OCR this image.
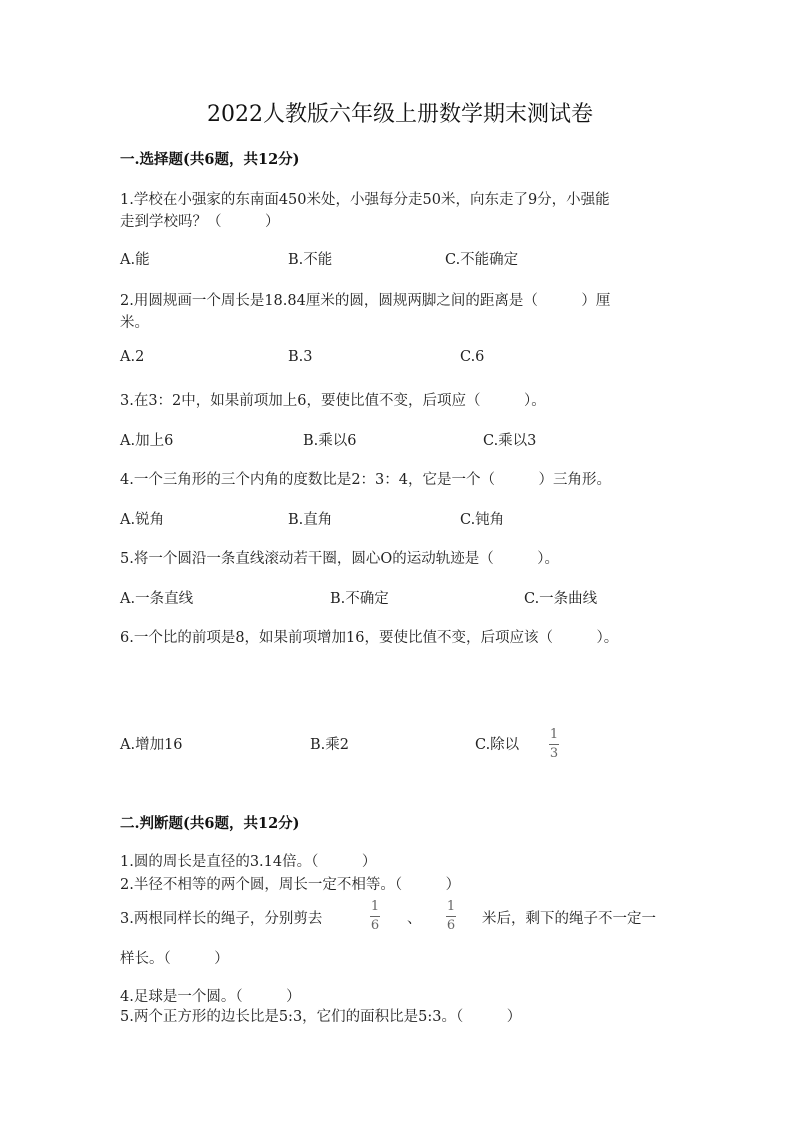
2022人教版六年级上册数学期末测试卷
一.选择题(共6题，共12分)
1.学校在小强家的东南面450米处，小强每分走50米，向东走了9分，小强能
走到学校吗？（　　　）
A.能	B.不能	C.不能确定
2.用圆规画一个周长是18.84厘米的圆，圆规两脚之间的距离是（　　　）厘
米。
A.2	B.3	C.6
3.在3：2中，如果前项加上6，要使比值不变，后项应（　　　）。
A.加上6	B.乘以6	C.乘以3
4.一个三角形的三个内角的度数比是2：3：4，它是一个（　　　）三角形。
A.锐角	B.直角	C.钝角
5.将一个圆沿一条直线滚动若干圈，圆心O的运动轨迹是（　　　）。
A.一条直线	B.不确定	C.一条曲线
6.一个比的前项是8，如果前项增加16，要使比值不变，后项应该（　　　）。
A.增加16	B.乘2	C.除以
1
3
二.判断题(共6题，共12分)
1.圆的周长是直径的3.14倍。（　　　）
2.半径不相等的两个圆，周长一定不相等。（　　　）
3.两根同样长的绳子，分别剪去
1
6 、
1
6 米后，剩下的绳子不一定一
样长。（　　　）
4.足球是一个圆。（　　　）
5.两个正方形的边长比是5:3，它们的面积比是5:3。（　　　）
